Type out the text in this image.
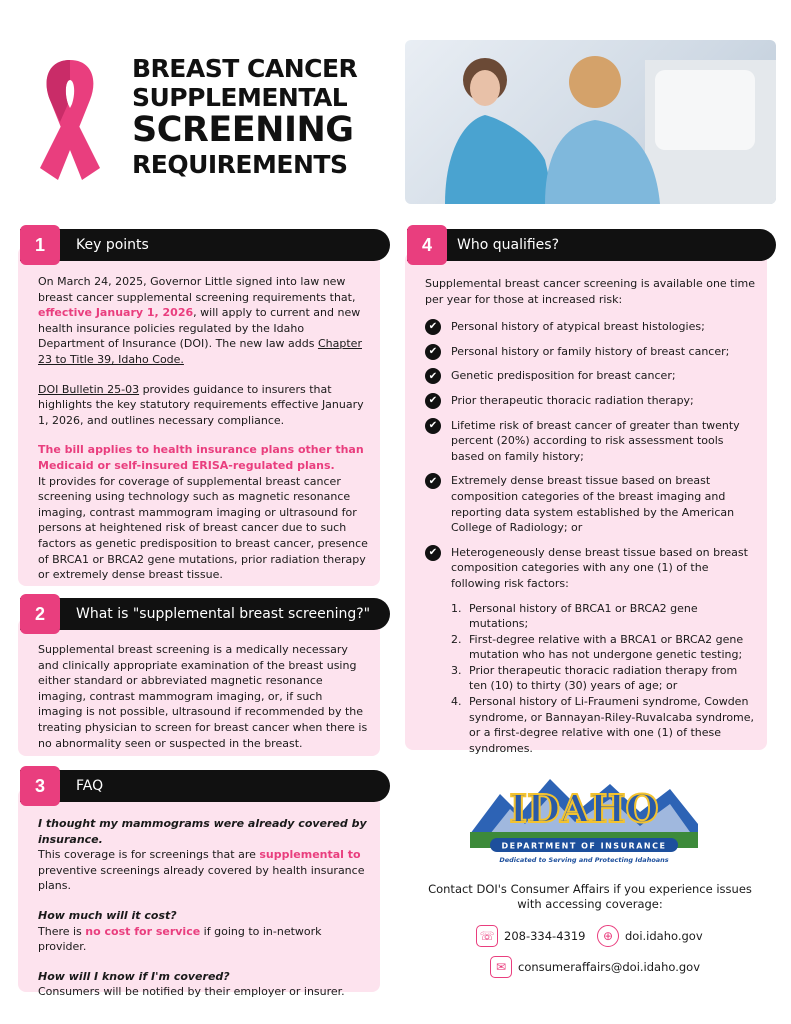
BREAST CANCER
SUPPLEMENTAL
SCREENING
REQUIREMENTS
Key points
1

On March 24, 2025, Governor Little signed into law new breast cancer supplemental screening requirements that, effective January 1, 2026, will apply to current and new health insurance policies regulated by the Idaho Department of Insurance (DOI). The new law adds Chapter 23 to Title 39, Idaho Code.

DOI Bulletin 25-03 provides guidance to insurers that highlights the key statutory requirements effective January 1, 2026, and outlines necessary compliance.

The bill applies to health insurance plans other than Medicaid or self-insured ERISA-regulated plans.
It provides for coverage of supplemental breast cancer screening using technology such as magnetic resonance imaging, contrast mammogram imaging or ultrasound for persons at heightened risk of breast cancer due to such factors as genetic predisposition to breast cancer, presence of BRCA1 or BRCA2 gene mutations, prior radiation therapy or extremely dense breast tissue.

What is "supplemental breast screening?"
2
Supplemental breast screening is a medically necessary and clinically appropriate examination of the breast using either standard or abbreviated magnetic resonance imaging, contrast mammogram imaging, or, if such imaging is not possible, ultrasound if recommended by the treating physician to screen for breast cancer when there is no abnormality seen or suspected in the breast.
FAQ
3

I thought my mammograms were already covered by insurance.
This coverage is for screenings that are supplemental to preventive screenings already covered by health insurance plans.

How much will it cost?
There is no cost for service if going to in-network provider.

How will I know if I'm covered?
Consumers will be notified by their employer or insurer.

Who qualifies?
4

Supplemental breast cancer screening is available one time per year for those at increased risk:

✔	Personal history of atypical breast histologies;
✔	Personal history or family history of breast cancer;
✔	Genetic predisposition for breast cancer;
✔	Prior therapeutic thoracic radiation therapy;
✔	Lifetime risk of breast cancer of greater than twenty percent (20%) according to risk assessment tools based on family history;
✔	Extremely dense breast tissue based on breast composition categories of the breast imaging and reporting data system established by the American College of Radiology; or
✔	Heterogeneously dense breast tissue based on breast composition categories with any one (1) of the following risk factors:
1. Personal history of BRCA1 or BRCA2 gene mutations;
2. First-degree relative with a BRCA1 or BRCA2 gene mutation who has not undergone genetic testing;
3. Prior therapeutic thoracic radiation therapy from ten (10) to thirty (30) years of age; or
4. Personal history of Li-Fraumeni syndrome, Cowden syndrome, or Bannayan-Riley-Ruvalcaba syndrome, or a first-degree relative with one (1) of these syndromes.
IDAHO
DEPARTMENT OF INSURANCE
Dedicated to Serving and Protecting Idahoans
Contact DOI's Consumer Affairs if you experience issues with accessing coverage:
☏ 208-334-4319	⊕	doi.idaho.gov
✉	consumeraffairs@doi.idaho.gov
